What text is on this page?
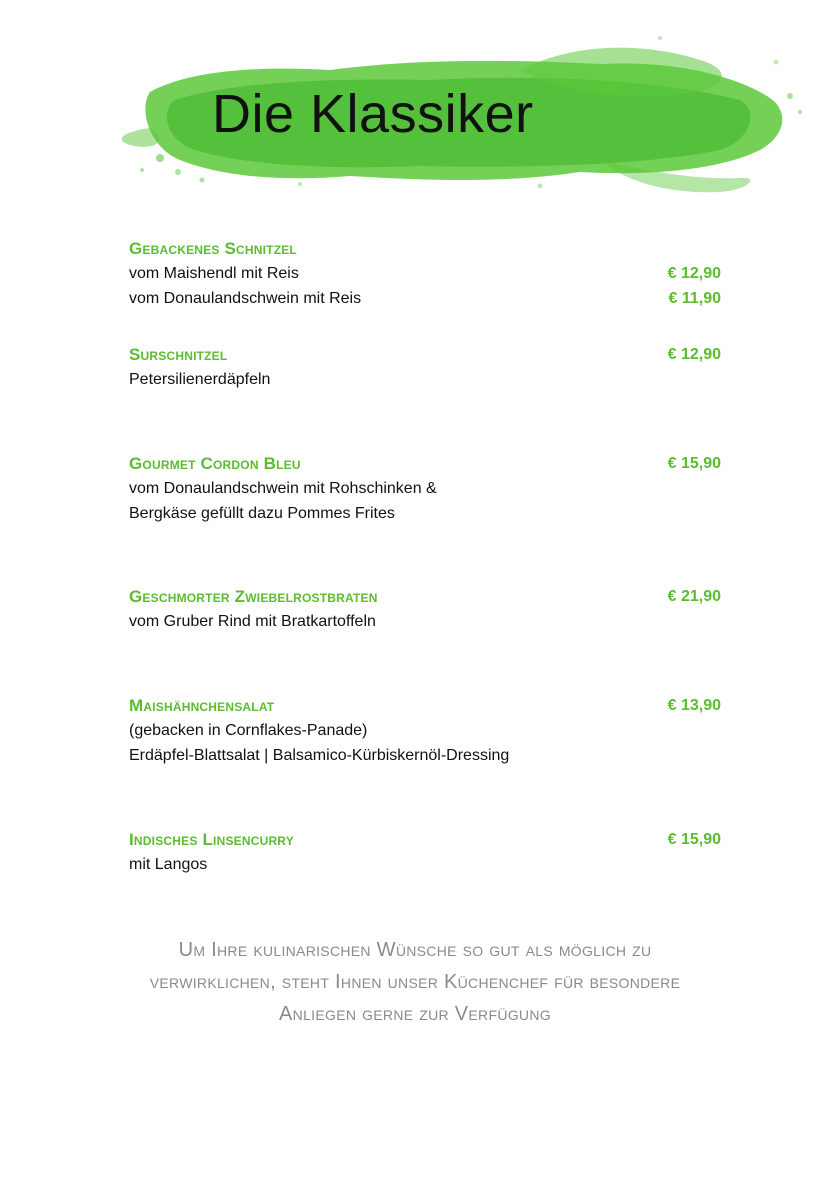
Die Klassiker
Gebackenes Schnitzel
vom Maishendl mit Reis	€ 12,90
vom Donaulandschwein mit Reis	€ 11,90
Surschnitzel	€ 12,90
Petersilienerdäpfeln
Gourmet Cordon Bleu	€ 15,90
vom Donaulandschwein mit Rohschinken &
Bergkäse gefüllt dazu Pommes Frites
Geschmorter Zwiebelrostbraten	€ 21,90
vom Gruber Rind mit Bratkartoffeln
Maishähnchensalat	€ 13,90
(gebacken in Cornflakes-Panade)
Erdäpfel-Blattsalat | Balsamico-Kürbiskernöl-Dressing
Indisches Linsencurry	€ 15,90
mit Langos
Um Ihre kulinarischen Wünsche so gut als möglich zu
verwirklichen, steht Ihnen unser Küchenchef für besondere
Anliegen gerne zur Verfügung
